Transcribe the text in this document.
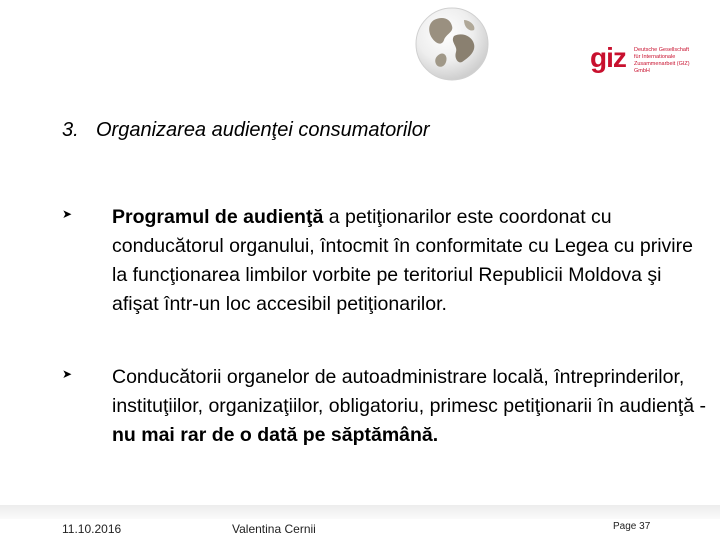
giz Deutsche Gesellschaft
für Internationale
Zusammenarbeit (GIZ) GmbH
3. Organizarea audienţei consumatorilor
➤ Programul de audienţă a petiţionarilor este coordonat cu conducătorul organului, întocmit în conformitate cu Legea cu privire la funcţionarea limbilor vorbite pe teritoriul Republicii Moldova şi afişat într-un loc accesibil petiţionarilor.
➤ Conducătorii organelor de autoadministrare locală, întreprinderilor, instituţiilor, organizaţiilor, obligatoriu, primesc petiţionarii în audienţă - nu mai rar de o dată pe săptămână.
11.10.2016	Valentina Cernii	Page 37
